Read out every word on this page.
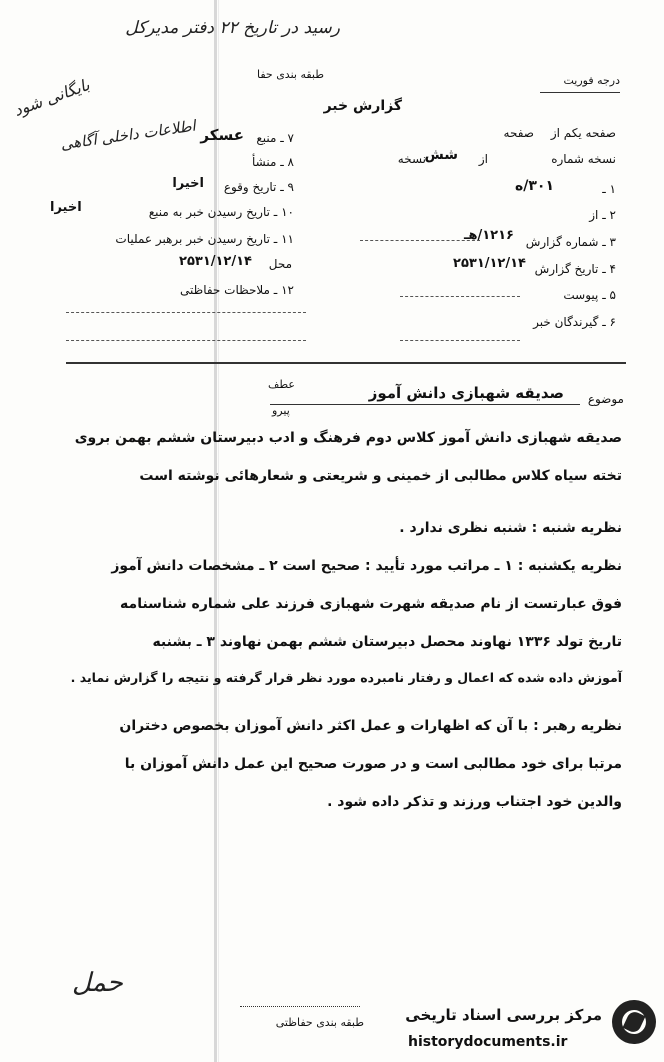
رسید در تاریخ ۲۲ دفتر مدیرکل
بایگانی شود
اطلاعات داخلی آگاهی
طبقه بندی حفا
گزارش خبر
درجه فوریت
عسکر ۷ ـ منبع
۸ ـ منشأ
۹ ـ تاریخ وقوع
اخیرا
۱۰ ـ تاریخ رسیدن خبر به منبع
اخیرا
۱۱ ـ تاریخ رسیدن خبر برهبر عملیات
محل
۲۵۳۱/۱۲/۱۴
۱۲ ـ ملاحظات حفاظتی
صفحه یکم از
صفحه
نسخه شماره
شش از
نسخه
۱ ـ
۳۰۱/ه
۲ ـ از
۳ ـ شماره گزارش
۱۲۱۶/هـ
۴ ـ تاریخ گزارش
۲۵۳۱/۱۲/۱۴
۵ ـ پیوست
۶ ـ گیرندگان خبر
موضوع
صدیقه شهبازی دانش آموز
عطف
پیرو
صدیقه شهبازی دانش آموز کلاس دوم فرهنگ و ادب دبیرستان ششم بهمن بروی
تخته سیاه کلاس مطالبی از خمینی و شریعتی و شعارهائی نوشته است
نظریه شنبه : شنبه نظری ندارد .
نظریه یکشنبه : ۱ ـ مراتب مورد تأیید : صحیح است ۲ ـ مشخصات دانش آموز
فوق عبارتست از نام صدیقه شهرت شهبازی فرزند علی شماره شناسنامه
تاریخ تولد ۱۳۳۶ نهاوند محصل دبیرستان ششم بهمن نهاوند ۳ ـ بشنبه
آموزش داده شده که اعمال و رفتار نامبرده مورد نظر قرار گرفته و نتیجه را گزارش نماید .
نظریه رهبر : با آن که اظهارات و عمل اکثر دانش آموزان بخصوص دختران
مرتبا برای خود مطالبی است و در صورت صحیح این عمل دانش آموزان با
والدین خود اجتناب ورزند و تذکر داده شود .
حمل
طبقه بندی حفاظتی	مرکز بررسی اسناد تاریخی
historydocuments.ir
